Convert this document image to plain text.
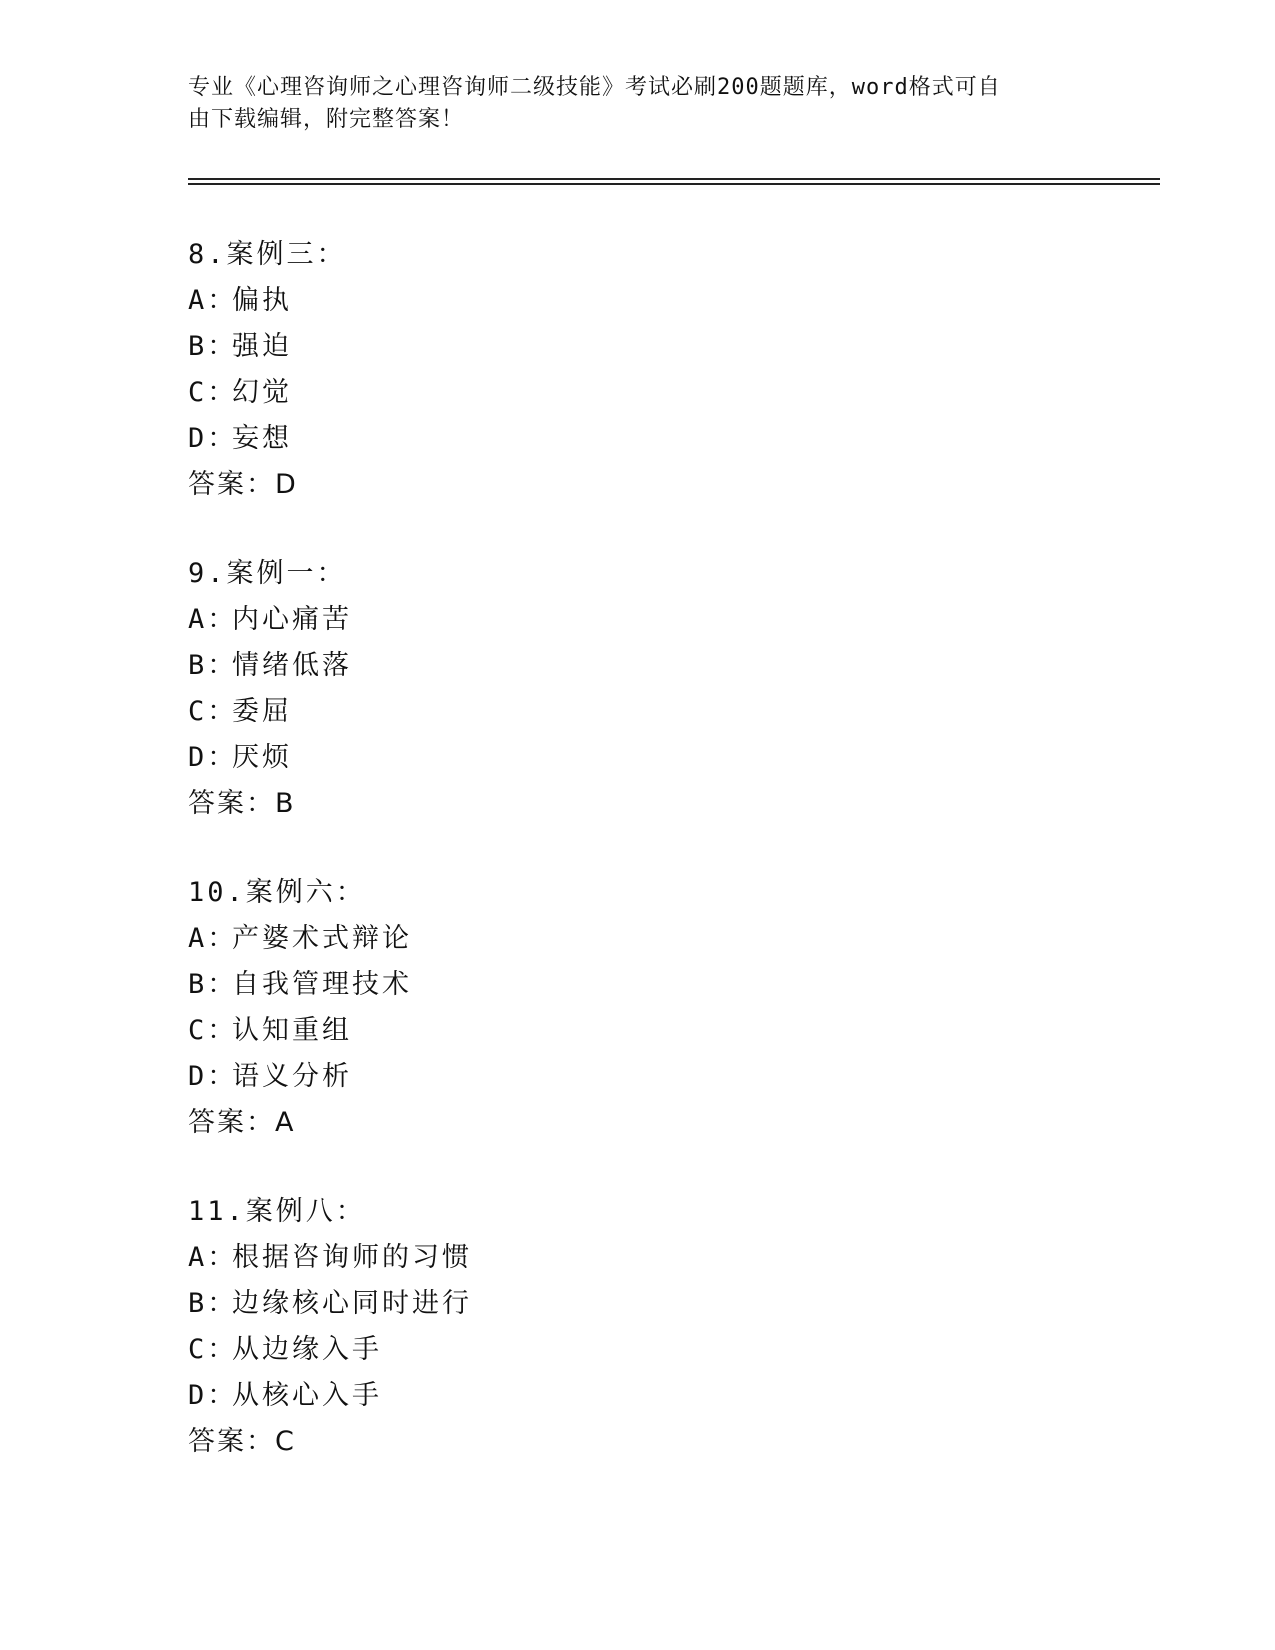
专业《心理咨询师之心理咨询师二级技能》考试必刷200题题库，word格式可自
由下载编辑，附完整答案！
8.案例三：
A：偏执
B：强迫
C：幻觉
D：妄想
答案：D
9.案例一：
A：内心痛苦
B：情绪低落
C：委屈
D：厌烦
答案：B
10.案例六：
A：产婆术式辩论
B：自我管理技术
C：认知重组
D：语义分析
答案：A
11.案例八：
A：根据咨询师的习惯
B：边缘核心同时进行
C：从边缘入手
D：从核心入手
答案：C
